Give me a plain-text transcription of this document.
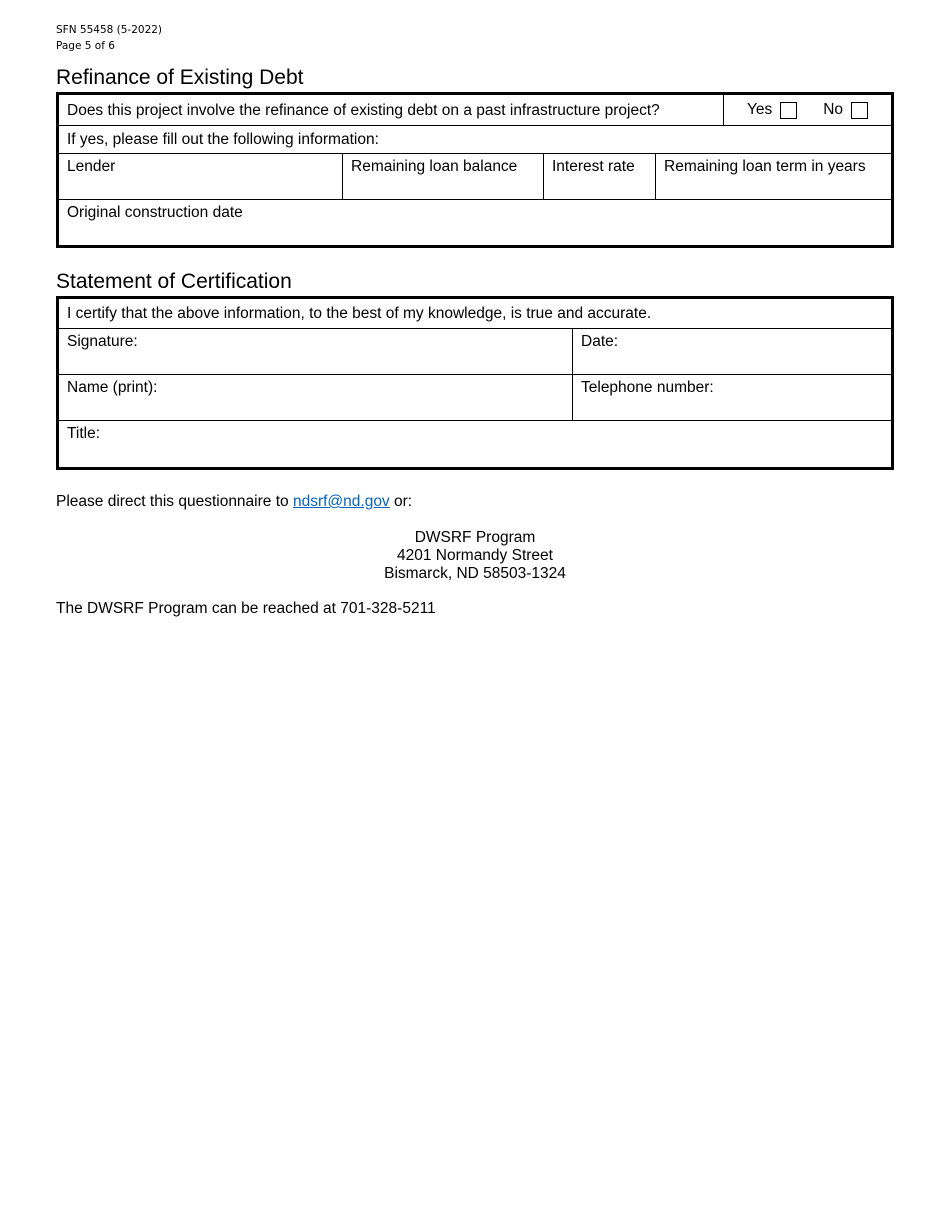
SFN 55458 (5-2022)
Page 5 of 6
Refinance of Existing Debt
Does this project involve the refinance of existing debt on a past infrastructure project?	Yes	No
If yes, please fill out the following information:
Lender	Remaining loan balance	Interest rate	Remaining loan term in years
Original construction date
Statement of Certification
I certify that the above information, to the best of my knowledge, is true and accurate.
Signature:	Date:
Name (print):	Telephone number:
Title:
Please direct this questionnaire to ndsrf@nd.gov or:
DWSRF Program
4201 Normandy Street
Bismarck, ND 58503-1324
The DWSRF Program can be reached at 701-328-5211
